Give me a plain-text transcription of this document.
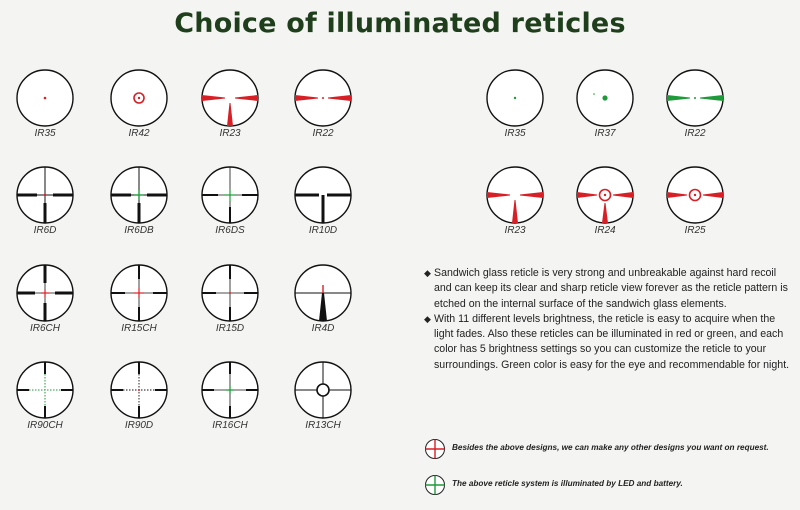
Choice of illuminated reticles
IR35	IR42	IR23	IR22
IR6D	IR6DB	IR6DS	IR10D
IR6CH	IR15CH	IR15D	IR4D
IR90CH	IR90D	IR16CH	IR13CH
IR35	IR37	IR22
IR23	IR24	IR25
◆ Sandwich glass reticle is very strong and unbreakable against hard recoil and can keep its clear and sharp reticle view forever as the reticle pattern is etched on the internal surface of the sandwich glass elements.
◆ With 11 different levels brightness, the reticle is easy to acquire when the light fades. Also these reticles can be illuminated in red or green, and each color has 5 brightness settings so you can customize the reticle to your surroundings. Green color is easy for the eye and recommendable for night.
Besides the above designs, we can make any other designs you want on request.
The above reticle system is illuminated by LED and battery.
